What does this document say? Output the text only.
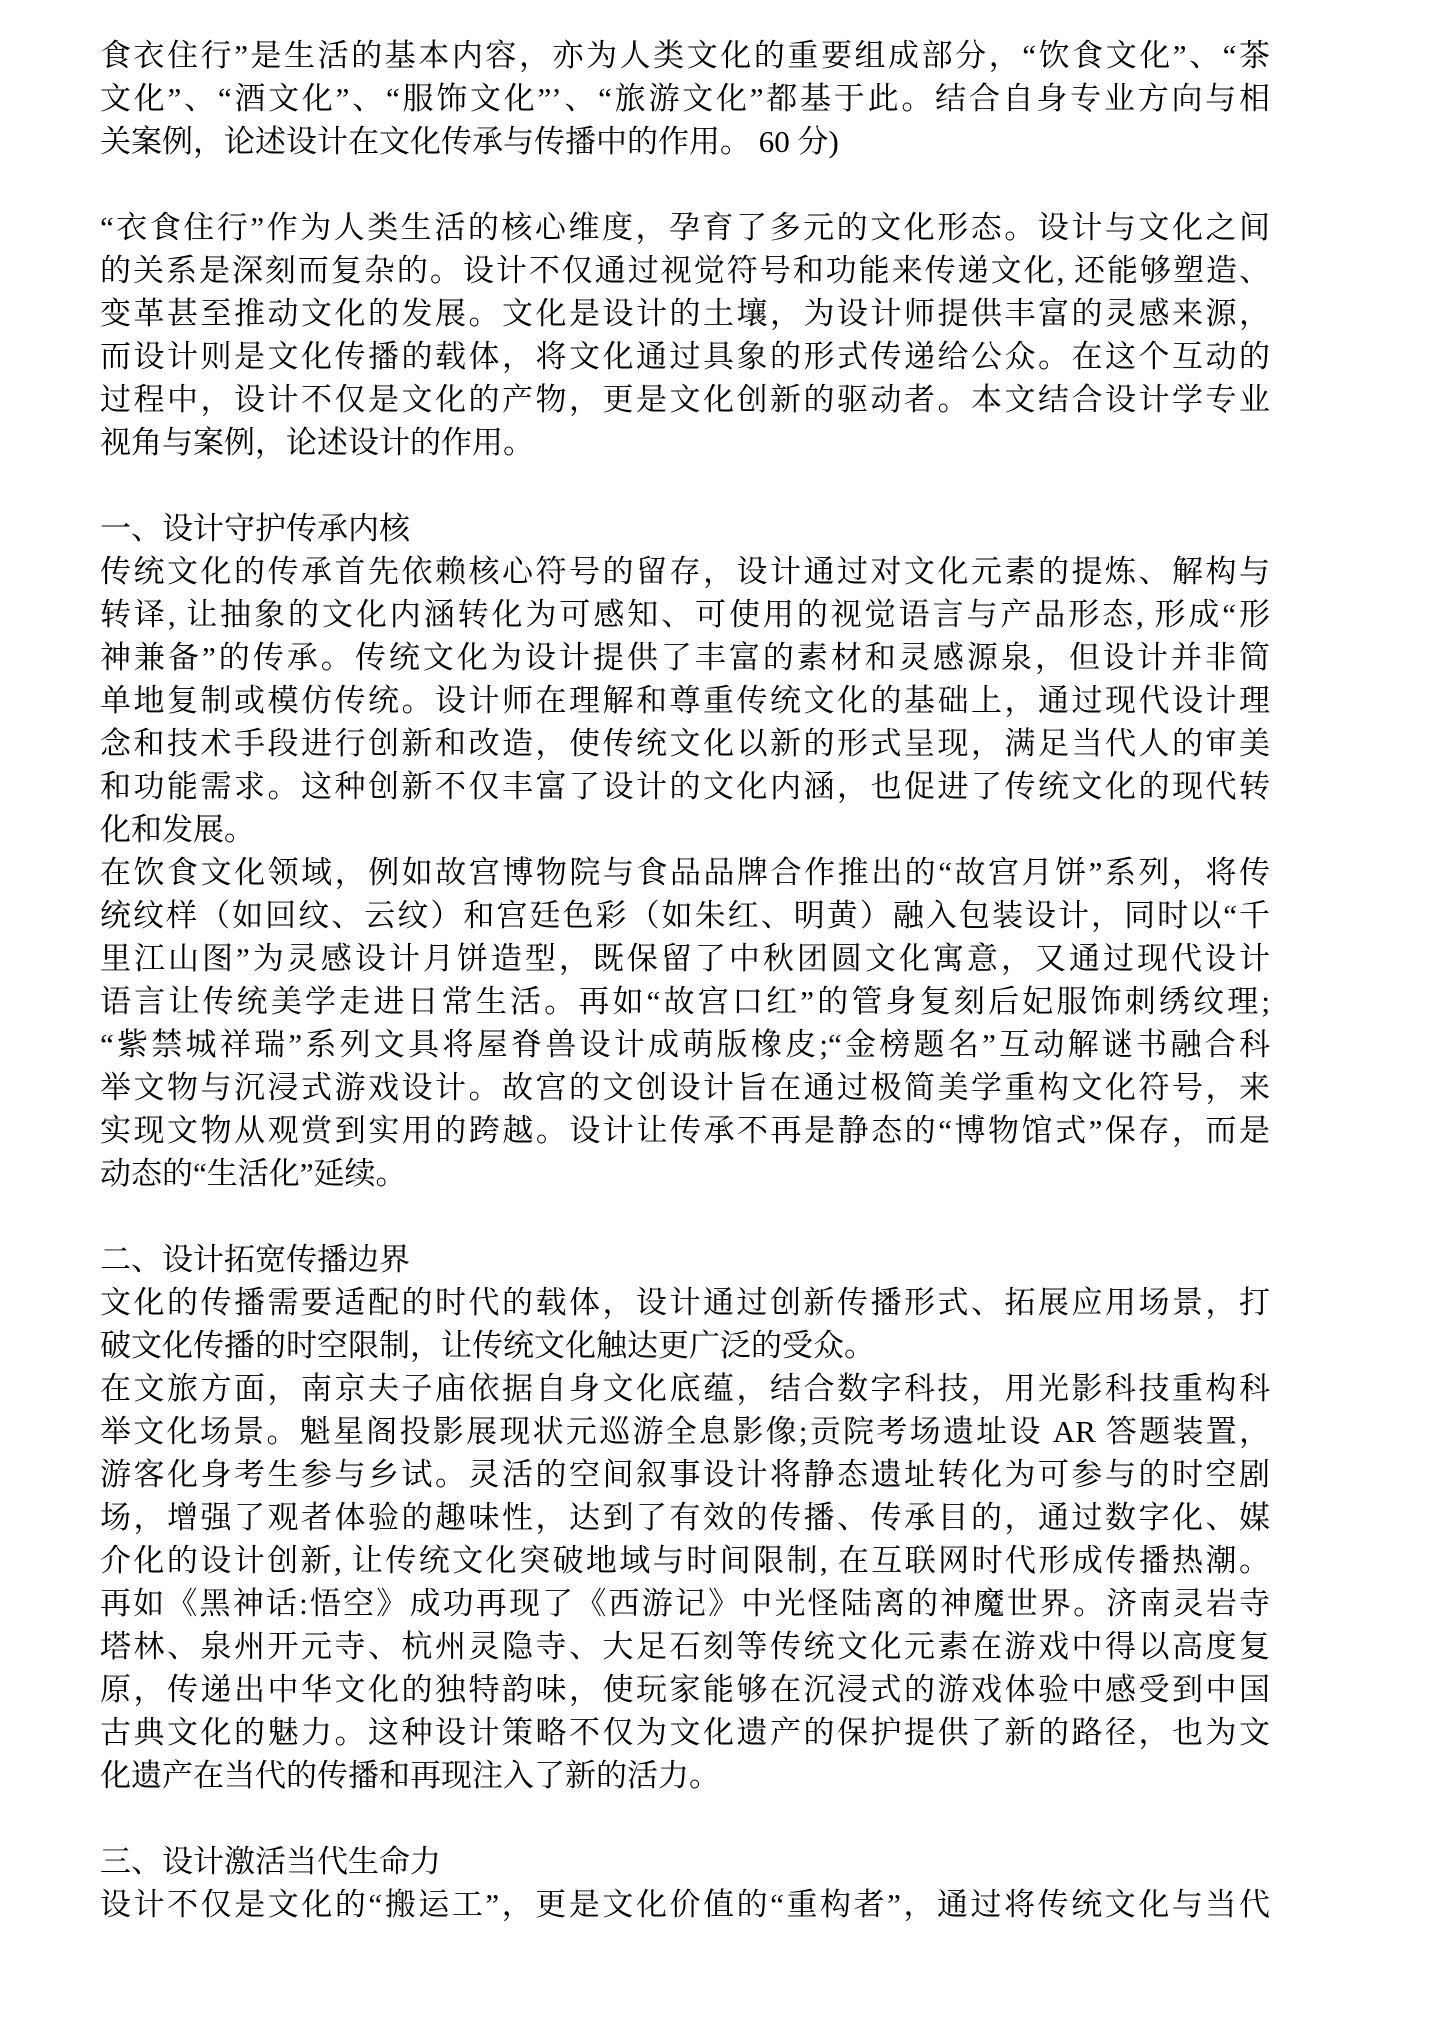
食衣住行”是生活的基本内容，亦为人类文化的重要组成部分，“饮食文化”、“茶
文化”、“酒文化”、“服饰文化”’、“旅游文化”都基于此。结合自身专业方向与相
关案例，论述设计在文化传承与传播中的作用。 60 分)
“衣食住行”作为人类生活的核心维度，孕育了多元的文化形态。设计与文化之间
的关系是深刻而复杂的。设计不仅通过视觉符号和功能来传递文化, 还能够塑造、
变革甚至推动文化的发展。文化是设计的土壤，为设计师提供丰富的灵感来源，
而设计则是文化传播的载体，将文化通过具象的形式传递给公众。在这个互动的
过程中，设计不仅是文化的产物，更是文化创新的驱动者。本文结合设计学专业
视角与案例，论述设计的作用。
一、设计守护传承内核
传统文化的传承首先依赖核心符号的留存，设计通过对文化元素的提炼、解构与
转译, 让抽象的文化内涵转化为可感知、可使用的视觉语言与产品形态, 形成“形
神兼备”的传承。传统文化为设计提供了丰富的素材和灵感源泉，但设计并非简
单地复制或模仿传统。设计师在理解和尊重传统文化的基础上，通过现代设计理
念和技术手段进行创新和改造，使传统文化以新的形式呈现，满足当代人的审美
和功能需求。这种创新不仅丰富了设计的文化内涵，也促进了传统文化的现代转
化和发展。
在饮食文化领域，例如故宫博物院与食品品牌合作推出的“故宫月饼”系列，将传
统纹样（如回纹、云纹）和宫廷色彩（如朱红、明黄）融入包装设计，同时以“千
里江山图”为灵感设计月饼造型，既保留了中秋团圆文化寓意，又通过现代设计
语言让传统美学走进日常生活。再如“故宫口红”的管身复刻后妃服饰刺绣纹理;
“紫禁城祥瑞”系列文具将屋脊兽设计成萌版橡皮;“金榜题名”互动解谜书融合科
举文物与沉浸式游戏设计。故宫的文创设计旨在通过极简美学重构文化符号，来
实现文物从观赏到实用的跨越。设计让传承不再是静态的“博物馆式”保存，而是
动态的“生活化”延续。
二、设计拓宽传播边界
文化的传播需要适配的时代的载体，设计通过创新传播形式、拓展应用场景，打
破文化传播的时空限制，让传统文化触达更广泛的受众。
在文旅方面，南京夫子庙依据自身文化底蕴，结合数字科技，用光影科技重构科
举文化场景。魁星阁投影展现状元巡游全息影像;贡院考场遗址设 AR 答题装置，
游客化身考生参与乡试。灵活的空间叙事设计将静态遗址转化为可参与的时空剧
场，增强了观者体验的趣味性，达到了有效的传播、传承目的，通过数字化、媒
介化的设计创新, 让传统文化突破地域与时间限制, 在互联网时代形成传播热潮。
再如《黑神话:悟空》成功再现了《西游记》中光怪陆离的神魔世界。济南灵岩寺
塔林、泉州开元寺、杭州灵隐寺、大足石刻等传统文化元素在游戏中得以高度复
原，传递出中华文化的独特韵味，使玩家能够在沉浸式的游戏体验中感受到中国
古典文化的魅力。这种设计策略不仅为文化遗产的保护提供了新的路径，也为文
化遗产在当代的传播和再现注入了新的活力。
三、设计激活当代生命力
设计不仅是文化的“搬运工”，更是文化价值的“重构者”，通过将传统文化与当代
